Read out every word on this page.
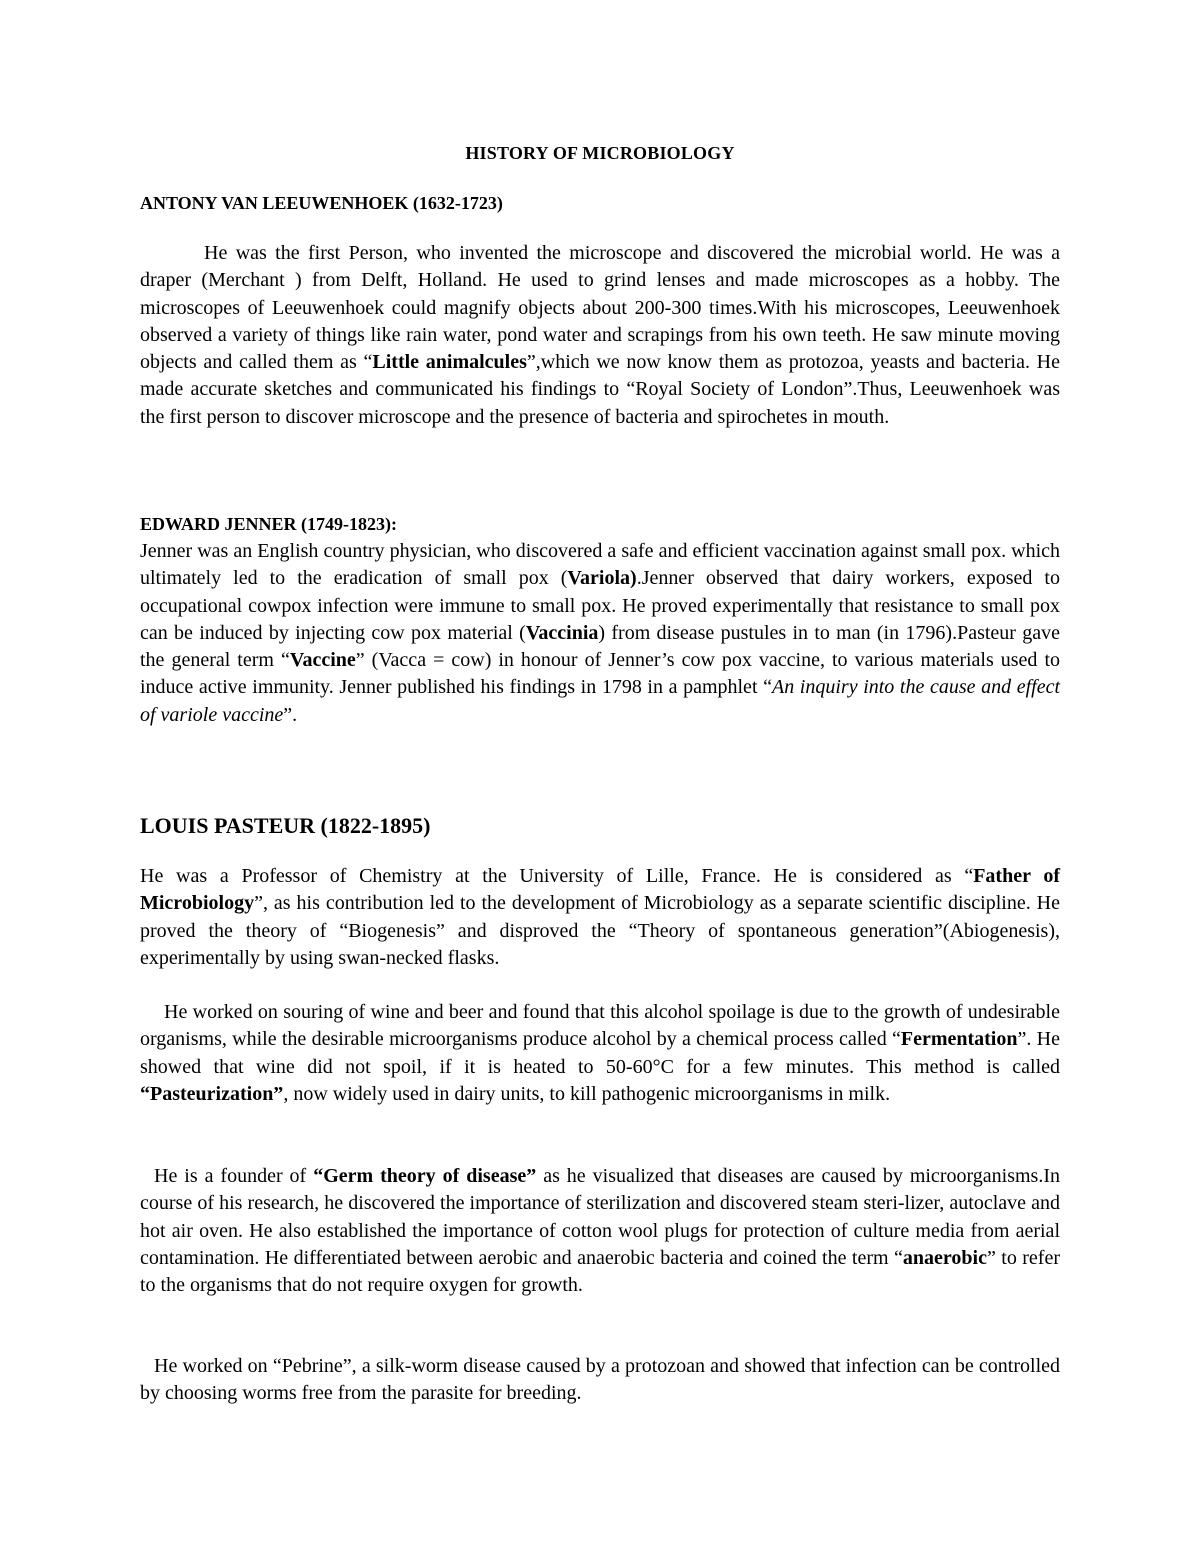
HISTORY OF MICROBIOLOGY
ANTONY VAN LEEUWENHOEK (1632-1723)

He was the first Person, who invented the microscope and discovered the microbial world. He was a draper (Merchant ) from Delft, Holland. He used to grind lenses and made microscopes as a hobby. The microscopes of Leeuwenhoek could magnify objects about 200-300 times.With his microscopes, Leeuwenhoek observed a variety of things like rain water, pond water and scrapings from his own teeth. He saw minute moving objects and called them as “Little animalcules”,which we now know them as protozoa, yeasts and bacteria. He made accurate sketches and communicated his findings to “Royal Society of London”.Thus, Leeuwenhoek was the first person to discover microscope and the presence of bacteria and spirochetes in mouth.

EDWARD JENNER (1749-1823):

Jenner was an English country physician, who discovered a safe and efficient vaccination against small pox. which ultimately led to the eradication of small pox (Variola).Jenner observed that dairy workers, exposed to occupational cowpox infection were immune to small pox. He proved experimentally that resistance to small pox can be induced by injecting cow pox material (Vaccinia) from disease pustules in to man (in 1796).Pasteur gave the general term “Vaccine” (Vacca = cow) in honour of Jenner’s cow pox vaccine, to various materials used to induce active immunity. Jenner published his findings in 1798 in a pamphlet “An inquiry into the cause and effect of variole vaccine”.

LOUIS PASTEUR (1822-1895)

He was a Professor of Chemistry at the University of Lille, France. He is considered as “Father of Microbiology”, as his contribution led to the development of Microbiology as a separate scientific discipline. He proved the theory of “Biogenesis” and disproved the “Theory of spontaneous generation”(Abiogenesis), experimentally by using swan-necked flasks.

He worked on souring of wine and beer and found that this alcohol spoilage is due to the growth of undesirable organisms, while the desirable microorganisms produce alcohol by a chemical process called “Fermentation”. He showed that wine did not spoil, if it is heated to 50-60°C for a few minutes. This method is called “Pasteurization”, now widely used in dairy units, to kill pathogenic microorganisms in milk.

He is a founder of “Germ theory of disease” as he visualized that diseases are caused by microorganisms.In course of his research, he discovered the importance of sterilization and discovered steam steri-lizer, autoclave and hot air oven. He also established the importance of cotton wool plugs for protection of culture media from aerial contamination. He differentiated between aerobic and anaerobic bacteria and coined the term “anaerobic” to refer to the organisms that do not require oxygen for growth.

He worked on “Pebrine”, a silk-worm disease caused by a protozoan and showed that infection can be controlled by choosing worms free from the parasite for breeding.
